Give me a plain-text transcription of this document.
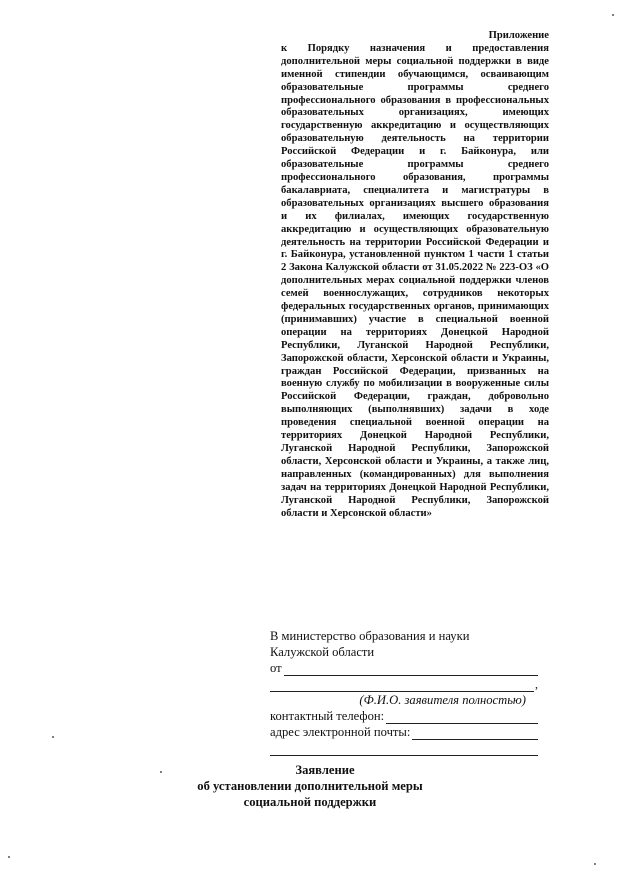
Приложение
к Порядку назначения и предоставления дополнительной меры социальной поддержки в виде именной стипендии обучающимся, осваивающим образовательные программы среднего профессионального образования в профессиональных образовательных организациях, имеющих государственную аккредитацию и осуществляющих образовательную деятельность на территории Российской Федерации и г. Байконура, или образовательные программы среднего профессионального образования, программы бакалавриата, специалитета и магистратуры в образовательных организациях высшего образования и их филиалах, имеющих государственную аккредитацию и осуществляющих образовательную деятельность на территории Российской Федерации и г. Байконура, установленной пунктом 1 части 1 статьи 2 Закона Калужской области от 31.05.2022 № 223-ОЗ «О дополнительных мерах социальной поддержки членов семей военнослужащих, сотрудников некоторых федеральных государственных органов, принимающих (принимавших) участие в специальной военной операции на территориях Донецкой Народной Республики, Луганской Народной Республики, Запорожской области, Херсонской области и Украины, граждан Российской Федерации, призванных на военную службу по мобилизации в вооруженные силы Российской Федерации, граждан, добровольно выполняющих (выполнявших) задачи в ходе проведения специальной военной операции на территориях Донецкой Народной Республики, Луганской Народной Республики, Запорожской области, Херсонской области и Украины, а также лиц, направленных (командированных) для выполнения задач на территориях Донецкой Народной Республики, Луганской Народной Республики, Запорожской области и Херсонской области»
В министерство образования и науки
Калужской области
от
,
(Ф.И.О. заявителя полностью)
контактный телефон:
адрес электронной почты:
Заявление
об установлении дополнительной меры
социальной поддержки
